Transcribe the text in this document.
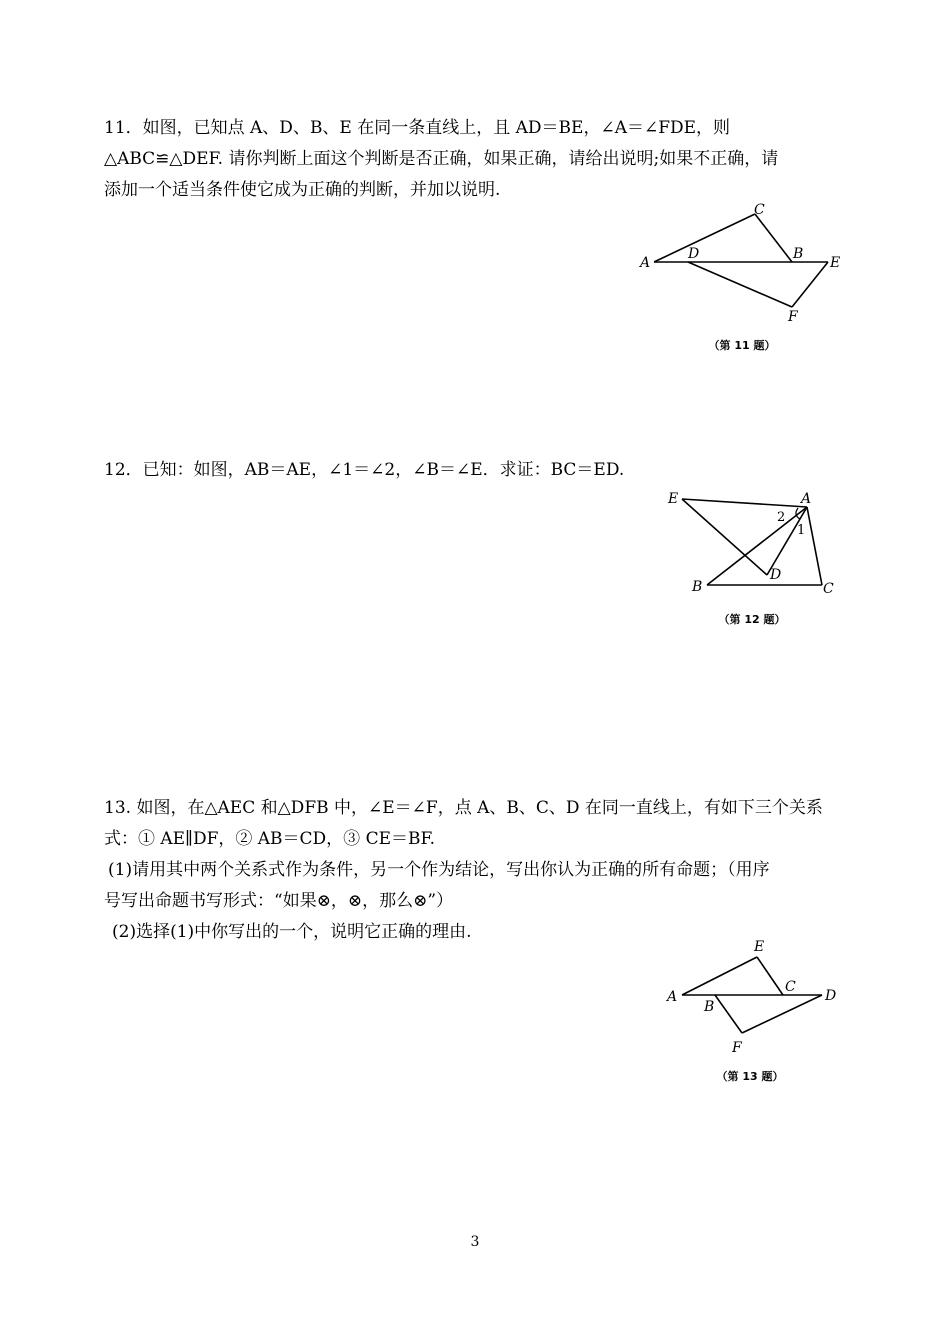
11．如图，已知点 A、D、B、E 在同一条直线上，且 AD＝BE，∠A＝∠FDE，则

△ABC≌△DEF. 请你判断上面这个判断是否正确，如果正确，请给出说明;如果不正确，请

添加一个适当条件使它成为正确的判断，并加以说明.

A
D	B
E
C
F
（第 11 题）

12．已知：如图，AB＝AE，∠1＝∠2，∠B＝∠E．求证：BC＝ED.

E	A
2
1
D
B	C
（第 12 题）

13. 如图，在△AEC 和△DFB 中，∠E＝∠F，点 A、B、C、D 在同一直线上，有如下三个关系

式：① AE∥DF，② AB＝CD，③ CE＝BF.

(1)请用其中两个关系式作为条件，另一个作为结论，写出你认为正确的所有命题；（用序

号写出命题书写形式：“如果⊗，⊗，那么⊗”）

(2)选择(1)中你写出的一个，说明它正确的理由.

A
B
C
D
E
F
（第 13 题）
3
